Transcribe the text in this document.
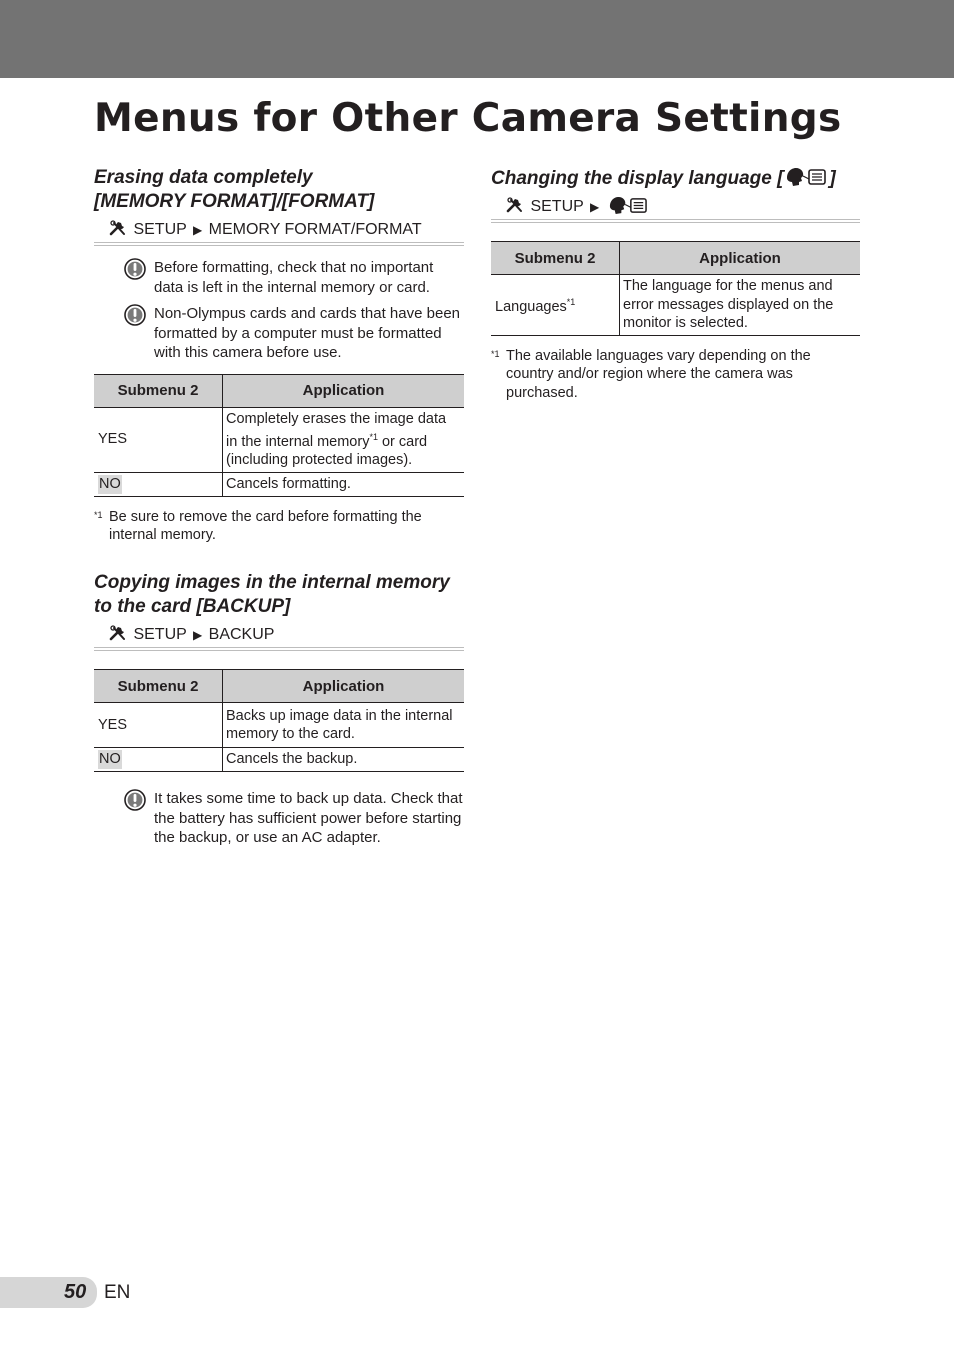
Menus for Other Camera Settings
Erasing data completely
[MEMORY FORMAT]/[FORMAT]
SETUP ▶ MEMORY FORMAT/FORMAT
Before formatting, check that no important data is left in the internal memory or card.
Non-Olympus cards and cards that have been formatted by a computer must be formatted with this camera before use.
Submenu 2	Application
YES	Completely erases the image data in the internal memory$^{*1}$ or card (including protected images).
NO	Cancels formatting.
*1 Be sure to remove the card before formatting the internal memory.
Copying images in the internal memory
to the card [BACKUP]
SETUP ▶ BACKUP
Submenu 2	Application
YES	Backs up image data in the internal memory to the card.
NO	Cancels the backup.
It takes some time to back up data. Check that the battery has sufficient power before starting the backup, or use an AC adapter.
Changing the display language [ ]
SETUP ▶
Submenu 2	Application
Languages$^{*1}$	The language for the menus and error messages displayed on the monitor is selected.
*1 The available languages vary depending on the country and/or region where the camera was purchased.
50 EN
